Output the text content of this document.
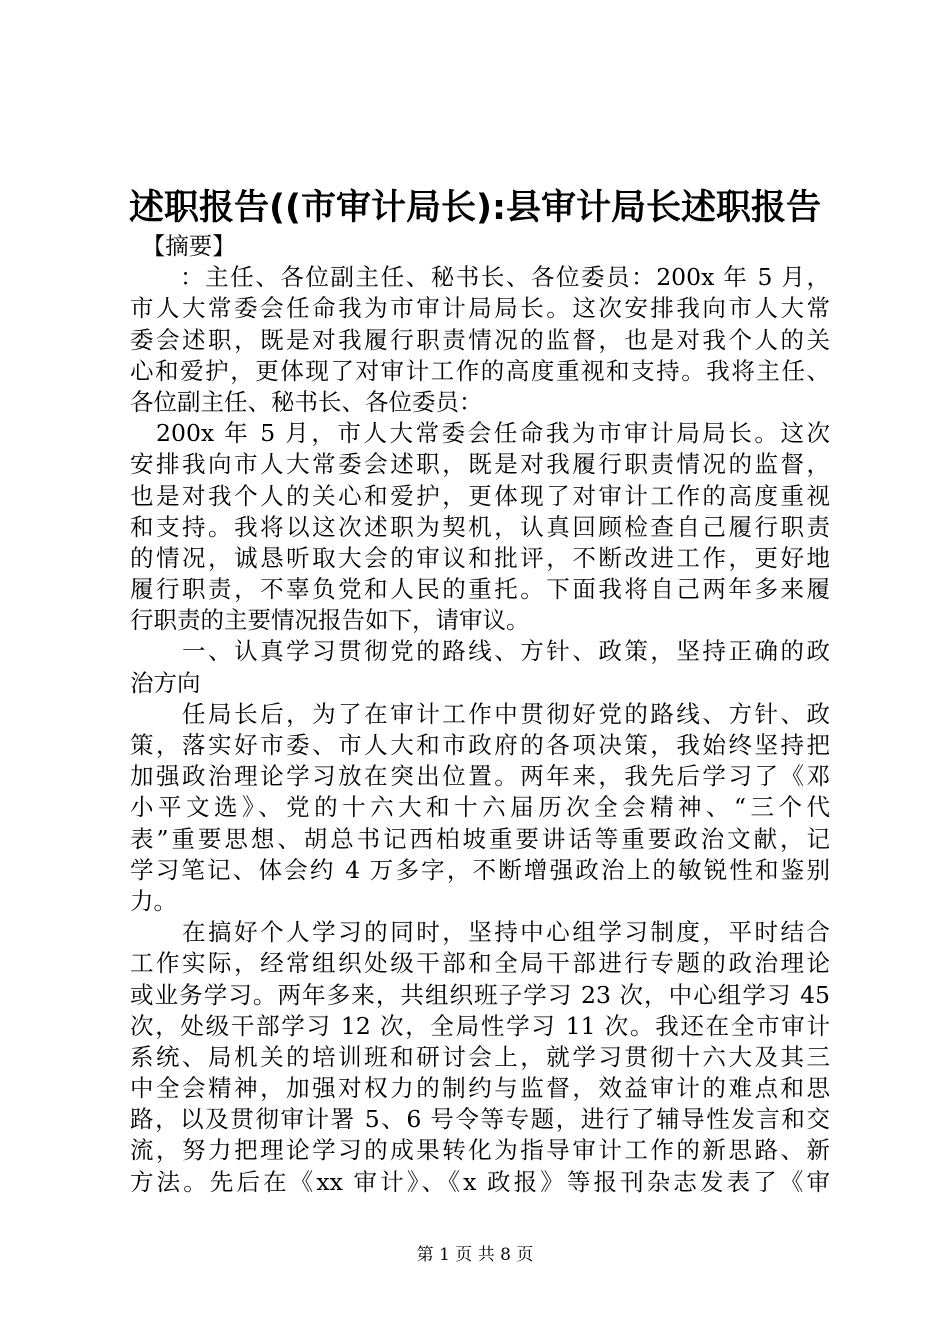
述职报告((市审计局长):县审计局长述职报告
　【摘要】
　　：主任、各位副主任、秘书长、各位委员：200x 年 5 月，
市人大常委会任命我为市审计局局长。这次安排我向市人大常
委会述职，既是对我履行职责情况的监督，也是对我个人的关
心和爱护，更体现了对审计工作的高度重视和支持。我将主任、
各位副主任、秘书长、各位委员：
　200x 年 5 月，市人大常委会任命我为市审计局局长。这次
安排我向市人大常委会述职，既是对我履行职责情况的监督，
也是对我个人的关心和爱护，更体现了对审计工作的高度重视
和支持。我将以这次述职为契机，认真回顾检查自己履行职责
的情况，诚恳听取大会的审议和批评，不断改进工作，更好地
履行职责，不辜负党和人民的重托。下面我将自己两年多来履
行职责的主要情况报告如下，请审议。
　　一、认真学习贯彻党的路线、方针、政策，坚持正确的政
治方向
　　任局长后，为了在审计工作中贯彻好党的路线、方针、政
策，落实好市委、市人大和市政府的各项决策，我始终坚持把
加强政治理论学习放在突出位置。两年来，我先后学习了《邓
小平文选》、党的十六大和十六届历次全会精神、“三个代
表”重要思想、胡总书记西柏坡重要讲话等重要政治文献，记
学习笔记、体会约 4 万多字，不断增强政治上的敏锐性和鉴别
力。
　　在搞好个人学习的同时，坚持中心组学习制度，平时结合
工作实际，经常组织处级干部和全局干部进行专题的政治理论
或业务学习。两年多来，共组织班子学习 23 次，中心组学习 45
次，处级干部学习 12 次，全局性学习 11 次。我还在全市审计
系统、局机关的培训班和研讨会上，就学习贯彻十六大及其三
中全会精神，加强对权力的制约与监督，效益审计的难点和思
路，以及贯彻审计署 5、6 号令等专题，进行了辅导性发言和交
流，努力把理论学习的成果转化为指导审计工作的新思路、新
方法。先后在《xx 审计》、《x 政报》等报刊杂志发表了《审
第 1 页 共 8 页
